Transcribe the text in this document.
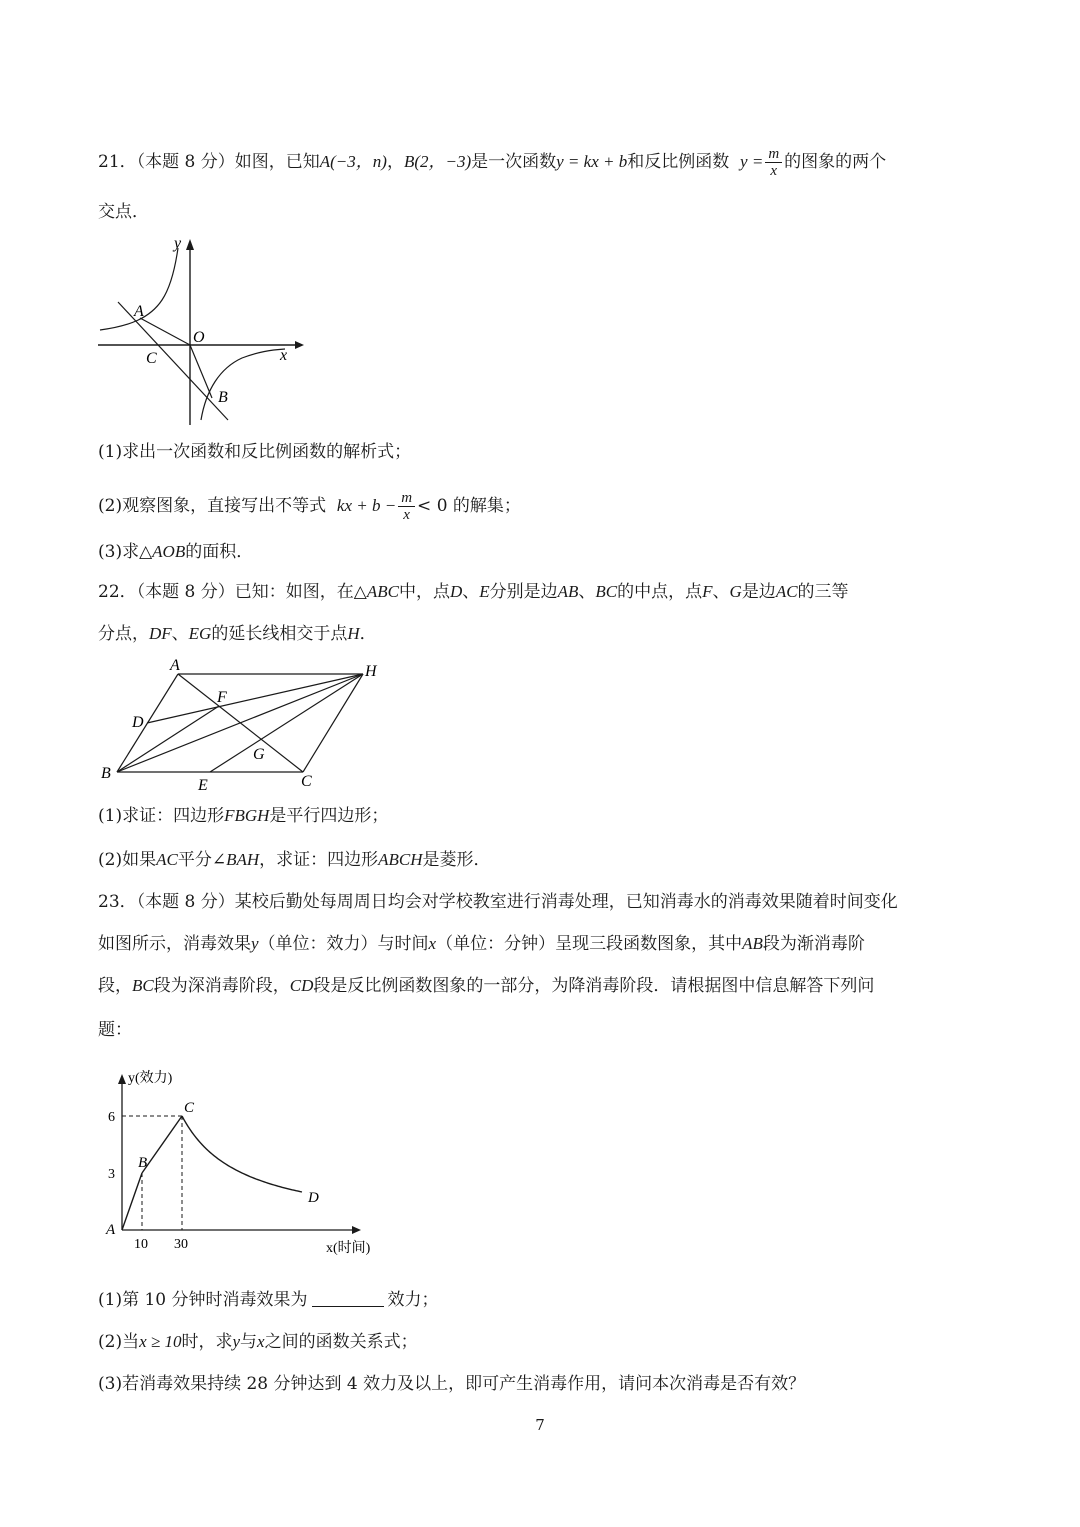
21．（本题 8 分）如图，已知A(−3，n)，B(2，−3)是一次函数y = kx + b和反比例函数 $y = \frac{m}{x}$ 的图象的两个
交点．
y
A
O
C	x
B
(1)求出一次函数和反比例函数的解析式；
(2)观察图象，直接写出不等式 kx + $b - \frac{m}{x} < 0$ 的解集；
(3)求△AOB的面积．
22．（本题 8 分）已知：如图，在△ABC中，点D、E分别是边AB、BC的中点，点F、G是边AC的三等
分点，DF、EG的延长线相交于点H．
A	H
F
D
G
B
E	C
(1)求证：四边形FBGH是平行四边形；
(2)如果AC平分∠BAH，求证：四边形ABCH是菱形．
23．（本题 8 分）某校后勤处每周周日均会对学校教室进行消毒处理，已知消毒水的消毒效果随着时间变化
如图所示，消毒效果y（单位：效力）与时间x（单位：分钟）呈现三段函数图象，其中AB段为渐消毒阶
段，BC段为深消毒阶段，CD段是反比例函数图象的一部分，为降消毒阶段．请根据图中信息解答下列问
题：
y(效力)
x(时间)
3
6
10 30
A
B
C
D
(1)第 10 分钟时消毒效果为	效力；
(2)当x ≥ 10时，求y与x之间的函数关系式；
(3)若消毒效果持续 28 分钟达到 4 效力及以上，即可产生消毒作用，请问本次消毒是否有效？
7
